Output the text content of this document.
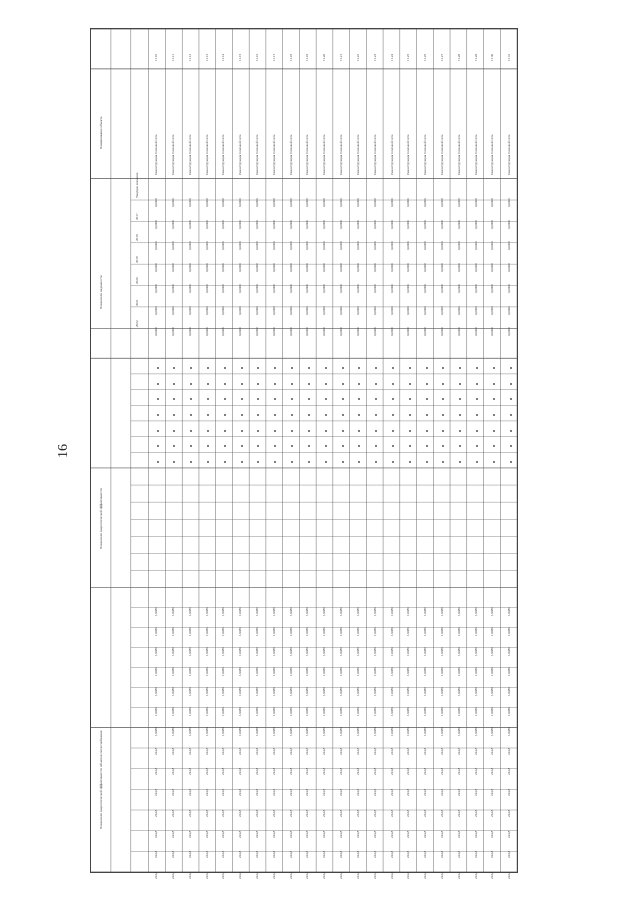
16
Наименование объекта
Показатели надежности
Показатели энергетической эффективности
Показатели энергетической эффективности объектов теплоснабжения
Текущее значение
2017
2018
2019
2020
2021
2022
11.10
Реконструкция тепловой сети
0,0000
0,0000
0,0000
0,0000
0,0000
0,0000
0,0000
1,9080
1,9080
1,9080
1,9080
1,9080
1,9080
1,9080
224,8
224,8
224,8
224,8
224,8
224,8
224,8
11.11
Реконструкция тепловой сети
0,0000
0,0000
0,0000
0,0000
0,0000
0,0000
0,0000
1,9080
1,9080
1,9080
1,9080
1,9080
1,9080
1,9080
224,8
224,8
224,8
224,8
224,8
224,8
224,8
11.12
Реконструкция тепловой сети
0,0000
0,0000
0,0000
0,0000
0,0000
0,0000
0,0000
1,9080
1,9080
1,9080
1,9080
1,9080
1,9080
1,9080
224,8
224,8
224,8
224,8
224,8
224,8
224,8
11.13
Реконструкция тепловой сети
0,0000
0,0000
0,0000
0,0000
0,0000
0,0000
0,0000
1,9080
1,9080
1,9080
1,9080
1,9080
1,9080
1,9080
224,8
224,8
224,8
224,8
224,8
224,8
224,8
11.14
Реконструкция тепловой сети
0,0000
0,0000
0,0000
0,0000
0,0000
0,0000
0,0000
1,9080
1,9080
1,9080
1,9080
1,9080
1,9080
1,9080
224,8
224,8
224,8
224,8
224,8
224,8
224,8
11.15
Реконструкция тепловой сети
0,0000
0,0000
0,0000
0,0000
0,0000
0,0000
0,0000
1,9080
1,9080
1,9080
1,9080
1,9080
1,9080
1,9080
224,8
224,8
224,8
224,8
224,8
224,8
224,8
11.16
Реконструкция тепловой сети
0,0000
0,0000
0,0000
0,0000
0,0000
0,0000
0,0000
1,9080
1,9080
1,9080
1,9080
1,9080
1,9080
1,9080
224,8
224,8
224,8
224,8
224,8
224,8
224,8
11.17
Реконструкция тепловой сети
0,0000
0,0000
0,0000
0,0000
0,0000
0,0000
0,0000
1,9080
1,9080
1,9080
1,9080
1,9080
1,9080
1,9080
224,8
224,8
224,8
224,8
224,8
224,8
224,8
11.18
Реконструкция тепловой сети
0,0000
0,0000
0,0000
0,0000
0,0000
0,0000
0,0000
1,9080
1,9080
1,9080
1,9080
1,9080
1,9080
1,9080
224,8
224,8
224,8
224,8
224,8
224,8
224,8
11.19
Реконструкция тепловой сети
0,0000
0,0000
0,0000
0,0000
0,0000
0,0000
0,0000
1,9080
1,9080
1,9080
1,9080
1,9080
1,9080
1,9080
224,8
224,8
224,8
224,8
224,8
224,8
224,8
11.20
Реконструкция тепловой сети
0,0000
0,0000
0,0000
0,0000
0,0000
0,0000
0,0000
1,9080
1,9080
1,9080
1,9080
1,9080
1,9080
1,9080
224,8
224,8
224,8
224,8
224,8
224,8
224,8
11.21
Реконструкция тепловой сети
0,0000
0,0000
0,0000
0,0000
0,0000
0,0000
0,0000
1,9080
1,9080
1,9080
1,9080
1,9080
1,9080
1,9080
224,8
224,8
224,8
224,8
224,8
224,8
224,8
11.22
Реконструкция тепловой сети
0,0000
0,0000
0,0000
0,0000
0,0000
0,0000
0,0000
1,9080
1,9080
1,9080
1,9080
1,9080
1,9080
1,9080
224,8
224,8
224,8
224,8
224,8
224,8
224,8
11.23
Реконструкция тепловой сети
0,0000
0,0000
0,0000
0,0000
0,0000
0,0000
0,0000
1,9080
1,9080
1,9080
1,9080
1,9080
1,9080
1,9080
224,8
224,8
224,8
224,8
224,8
224,8
224,8
11.24
Реконструкция тепловой сети
0,0000
0,0000
0,0000
0,0000
0,0000
0,0000
0,0000
1,9080
1,9080
1,9080
1,9080
1,9080
1,9080
1,9080
224,8
224,8
224,8
224,8
224,8
224,8
224,8
11.25
Реконструкция тепловой сети
0,0000
0,0000
0,0000
0,0000
0,0000
0,0000
0,0000
1,9080
1,9080
1,9080
1,9080
1,9080
1,9080
1,9080
224,8
224,8
224,8
224,8
224,8
224,8
224,8
11.26
Реконструкция тепловой сети
0,0000
0,0000
0,0000
0,0000
0,0000
0,0000
0,0000
1,9080
1,9080
1,9080
1,9080
1,9080
1,9080
1,9080
224,8
224,8
224,8
224,8
224,8
224,8
224,8
11.27
Реконструкция тепловой сети
0,0000
0,0000
0,0000
0,0000
0,0000
0,0000
0,0000
1,9080
1,9080
1,9080
1,9080
1,9080
1,9080
1,9080
224,8
224,8
224,8
224,8
224,8
224,8
224,8
11.28
Реконструкция тепловой сети
0,0000
0,0000
0,0000
0,0000
0,0000
0,0000
0,0000
1,9080
1,9080
1,9080
1,9080
1,9080
1,9080
1,9080
224,8
224,8
224,8
224,8
224,8
224,8
224,8
11.29
Реконструкция тепловой сети
0,0000
0,0000
0,0000
0,0000
0,0000
0,0000
0,0000
1,9080
1,9080
1,9080
1,9080
1,9080
1,9080
1,9080
224,8
224,8
224,8
224,8
224,8
224,8
224,8
11.30
Реконструкция тепловой сети
0,0000
0,0000
0,0000
0,0000
0,0000
0,0000
0,0000
1,9080
1,9080
1,9080
1,9080
1,9080
1,9080
1,9080
224,8
224,8
224,8
224,8
224,8
224,8
224,8
11.31
Реконструкция тепловой сети
0,0000
0,0000
0,0000
0,0000
0,0000
0,0000
0,0000
1,9080
1,9080
1,9080
1,9080
1,9080
1,9080
1,9080
224,8
224,8
224,8
224,8
224,8
224,8
224,8
